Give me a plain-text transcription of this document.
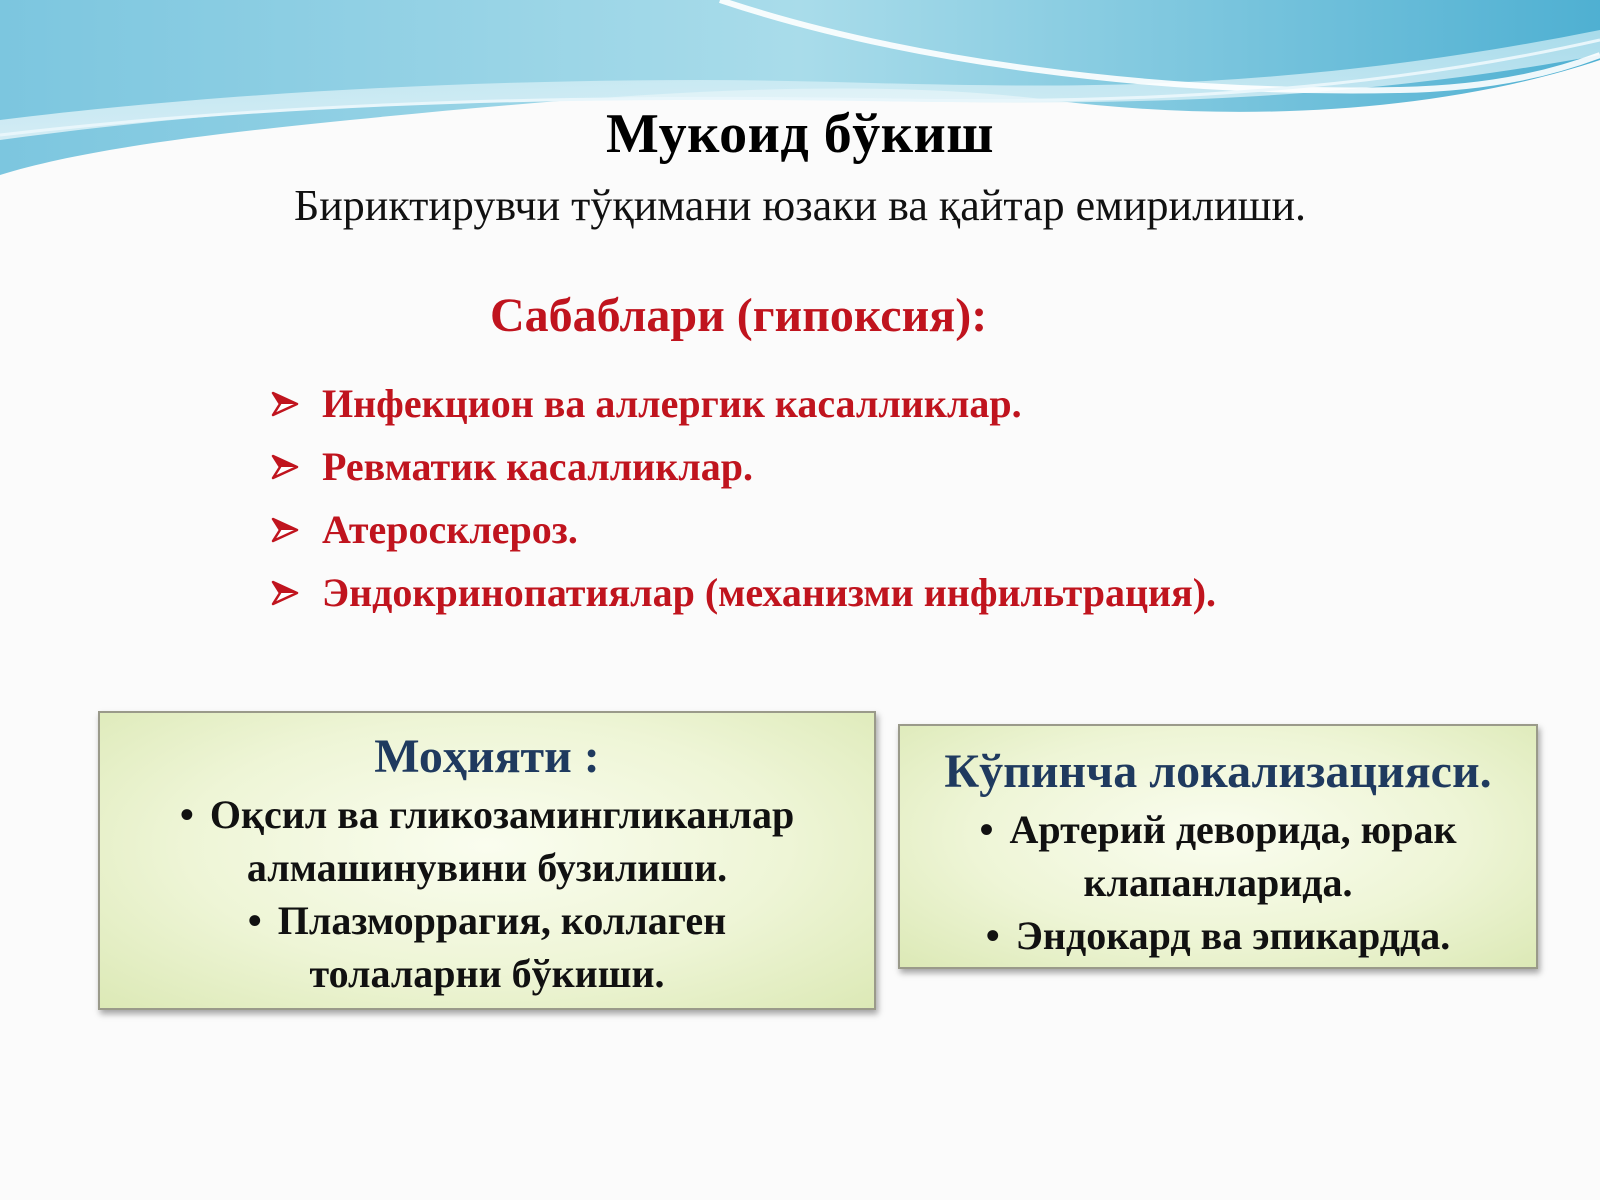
Мукоид бўкиш
Бириктирувчи тўқимани юзаки ва қайтар емирилиши.
Сабаблари (гипоксия):
Инфекцион ва аллергик касалликлар.
Ревматик касалликлар.
Атеросклероз.
Эндокринопатиялар (механизми инфильтрация).
Моҳияти :
• Оқсил ва гликозамингликанлар
алмашинувини бузилиши.
• Плазморрагия, коллаген
толаларни бўкиши.
Кўпинча локализацияси.
• Артерий деворида, юрак
клапанларида.
• Эндокард ва эпикардда.
